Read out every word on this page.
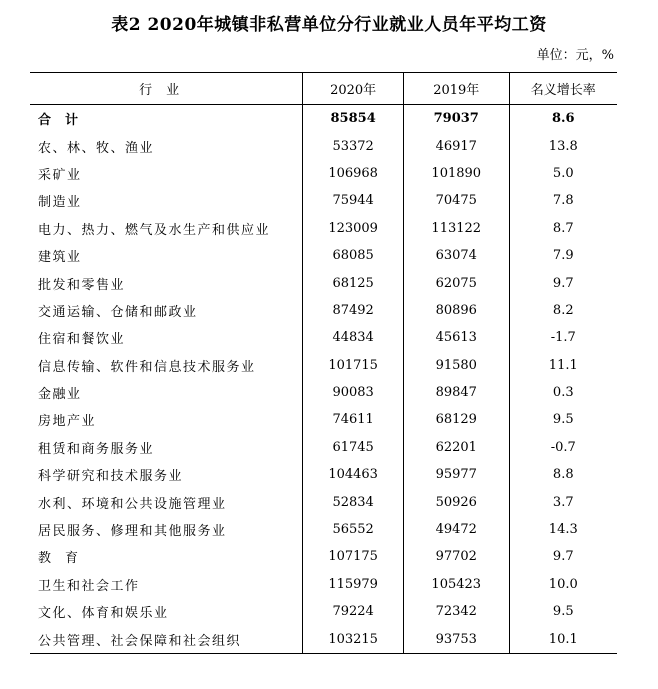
表2 2020年城镇非私营单位分行业就业人员年平均工资
单位：元，%
行业	2020年	2019年	名义增长率
合计	85854	79037	8.6
农、林、牧、渔业	53372	46917	13.8
采矿业	106968	101890	5.0
制造业	75944	70475	7.8
电力、热力、燃气及水生产和供应业	123009	113122	8.7
建筑业	68085	63074	7.9
批发和零售业	68125	62075	9.7
交通运输、仓储和邮政业	87492	80896	8.2
住宿和餐饮业	44834	45613	-1.7
信息传输、软件和信息技术服务业	101715	91580	11.1
金融业	90083	89847	0.3
房地产业	74611	68129	9.5
租赁和商务服务业	61745	62201	-0.7
科学研究和技术服务业	104463	95977	8.8
水利、环境和公共设施管理业	52834	50926	3.7
居民服务、修理和其他服务业	56552	49472	14.3
教育	107175	97702	9.7
卫生和社会工作	115979	105423	10.0
文化、体育和娱乐业	79224	72342	9.5
公共管理、社会保障和社会组织	103215	93753	10.1
